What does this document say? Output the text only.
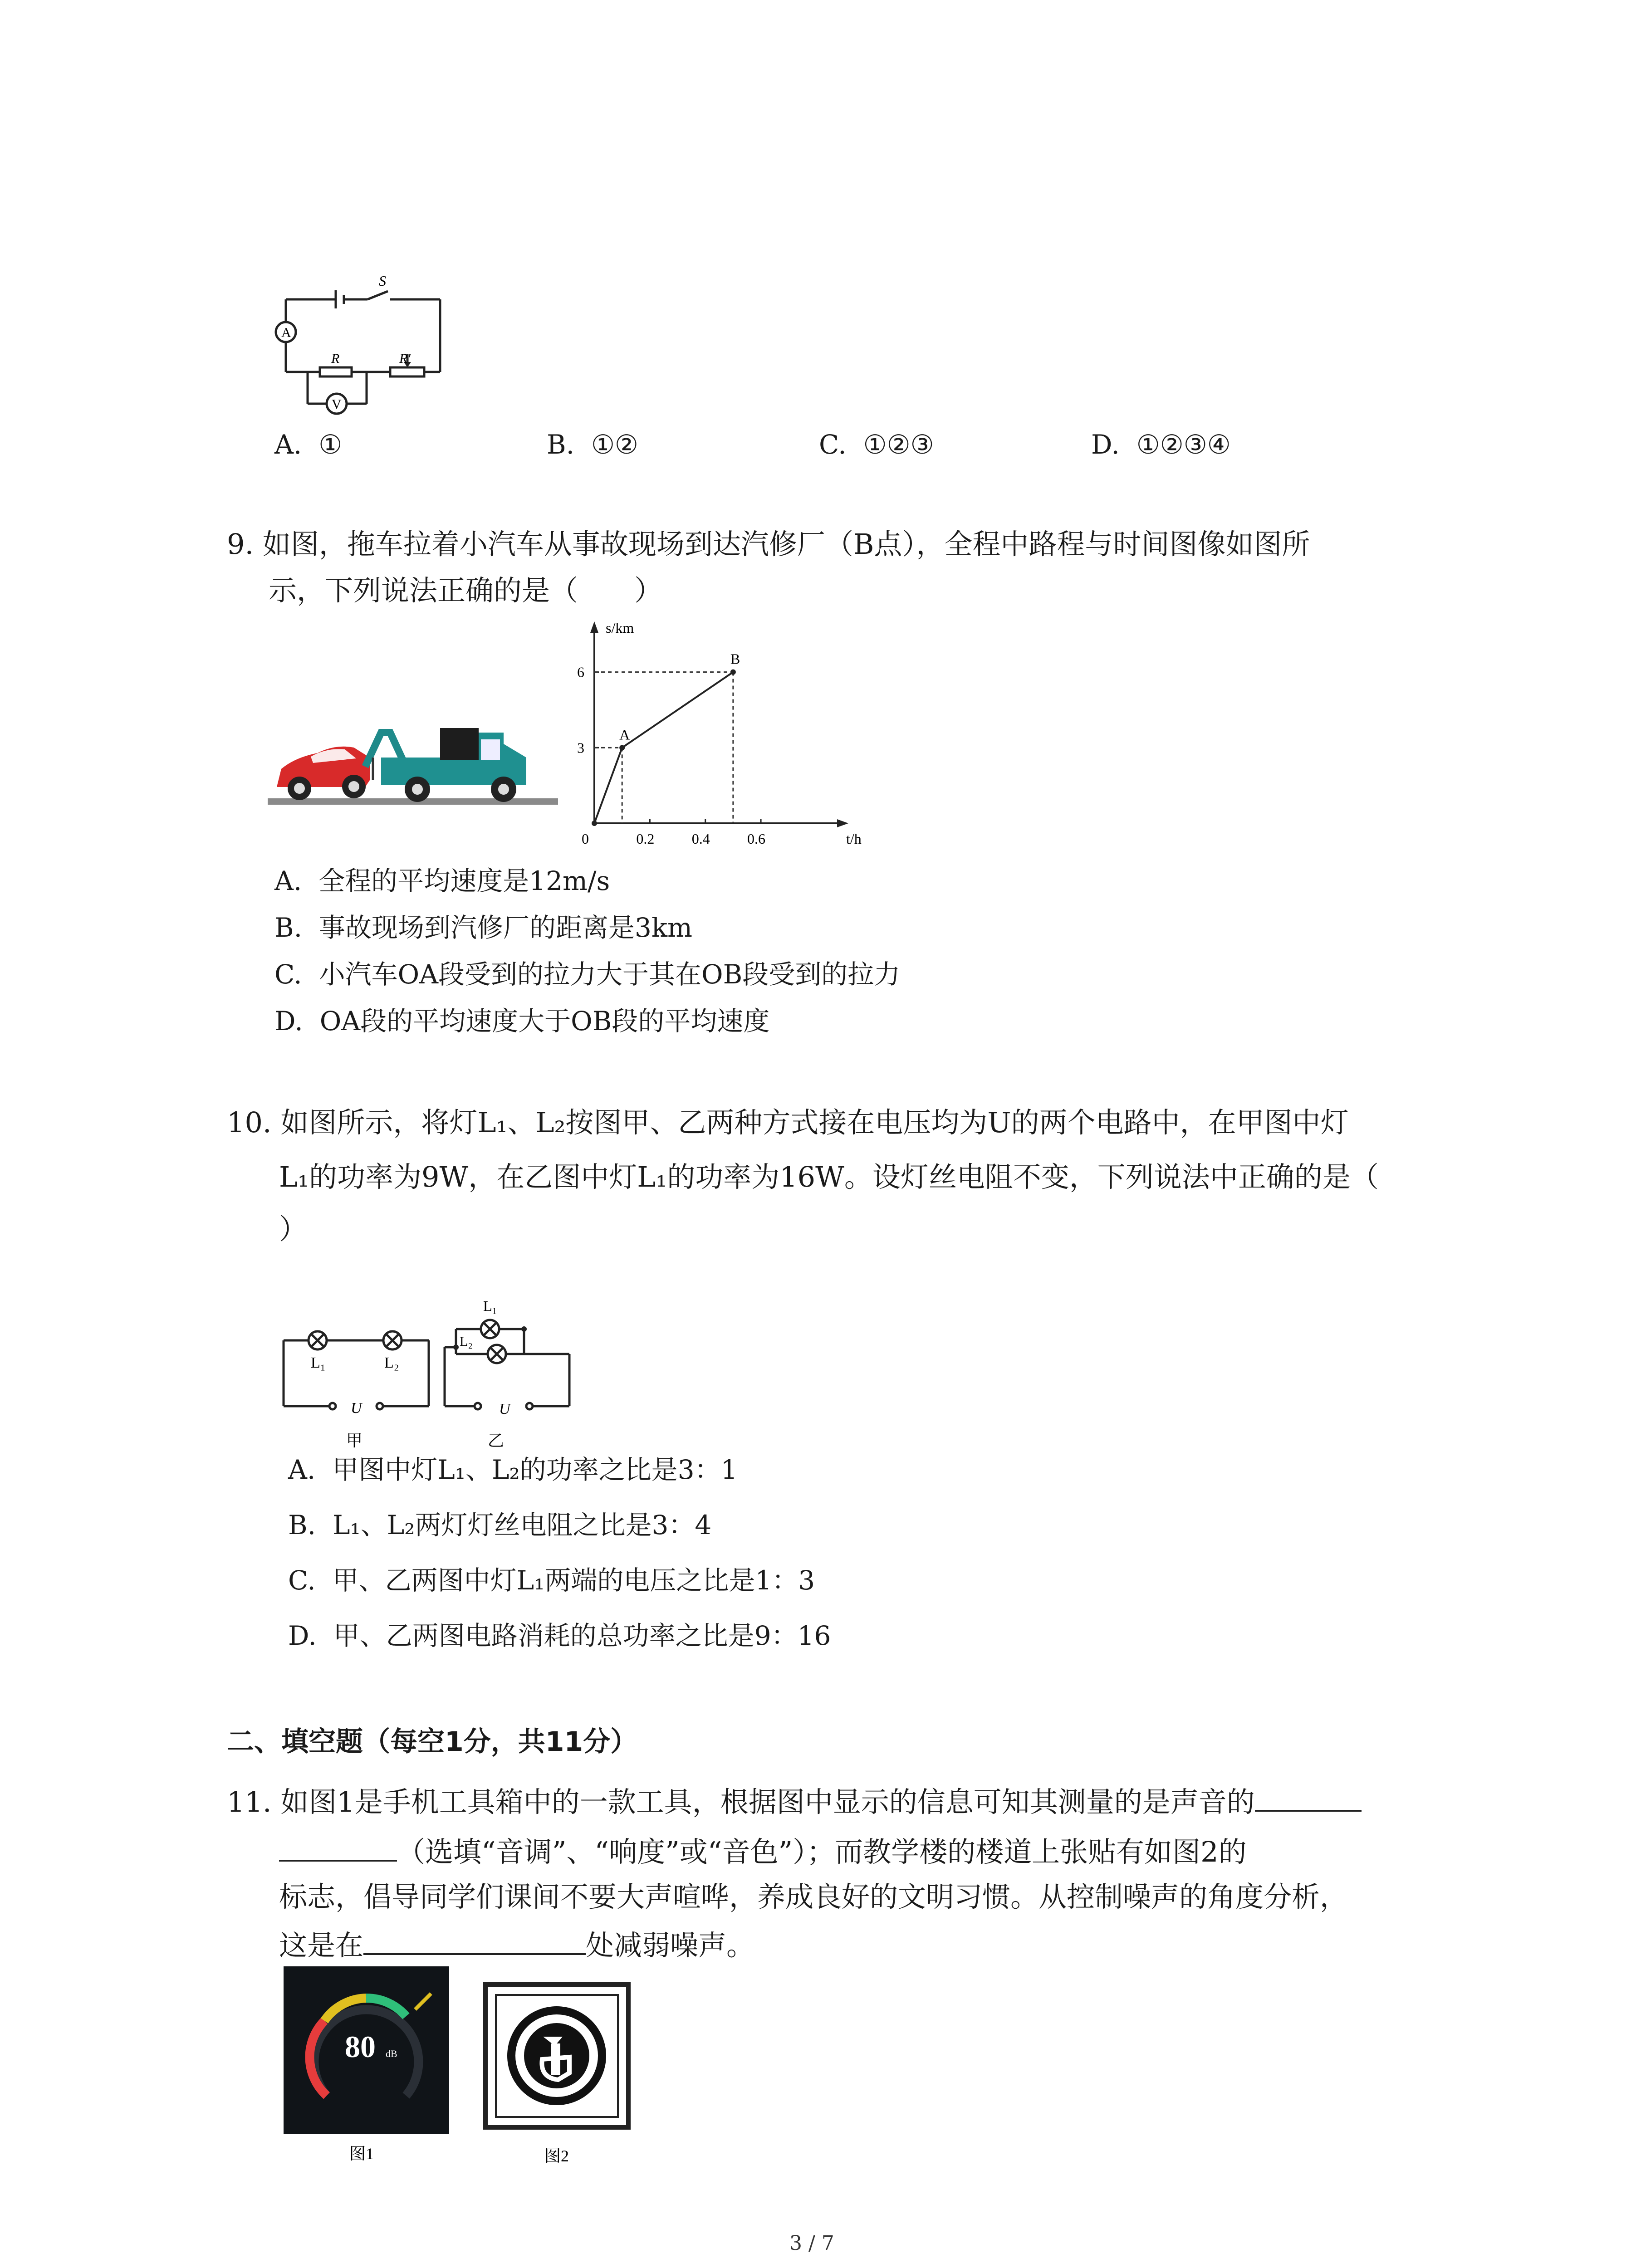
S
A
R	R'
V
A. ①	B. ①②	C. ①②③	D. ①②③④
9. 如图，拖车拉着小汽车从事故现场到达汽修厂（B点），全程中路程与时间图像如图所
示，下列说法正确的是（　　）
t/h
s/km
0	0.2	0.4	0.6
3
6
A
B
A. 全程的平均速度是12m/s
B. 事故现场到汽修厂的距离是3km
C. 小汽车OA段受到的拉力大于其在OB段受到的拉力
D. OA段的平均速度大于OB段的平均速度
10. 如图所示，将灯L₁、L₂按图甲、乙两种方式接在电压均为U的两个电路中，在甲图中灯
L₁的功率为9W，在乙图中灯L₁的功率为16W。设灯丝电阻不变，下列说法中正确的是（
）
L₁	L₂
U
甲
L₁
L₂
U
乙
A. 甲图中灯L₁、L₂的功率之比是3：1
B. L₁、L₂两灯灯丝电阻之比是3：4
C. 甲、乙两图中灯L₁两端的电压之比是1：3
D. 甲、乙两图电路消耗的总功率之比是9：16
二、填空题（每空1分，共11分）
11. 如图1是手机工具箱中的一款工具，根据图中显示的信息可知其测量的是声音的
（选填“音调”、“响度”或“音色”）；而教学楼的楼道上张贴有如图2的
标志，倡导同学们课间不要大声喧哗，养成良好的文明习惯。从控制噪声的角度分析，
这是在	处减弱噪声。
80 dB
图1	图2
3 / 7
